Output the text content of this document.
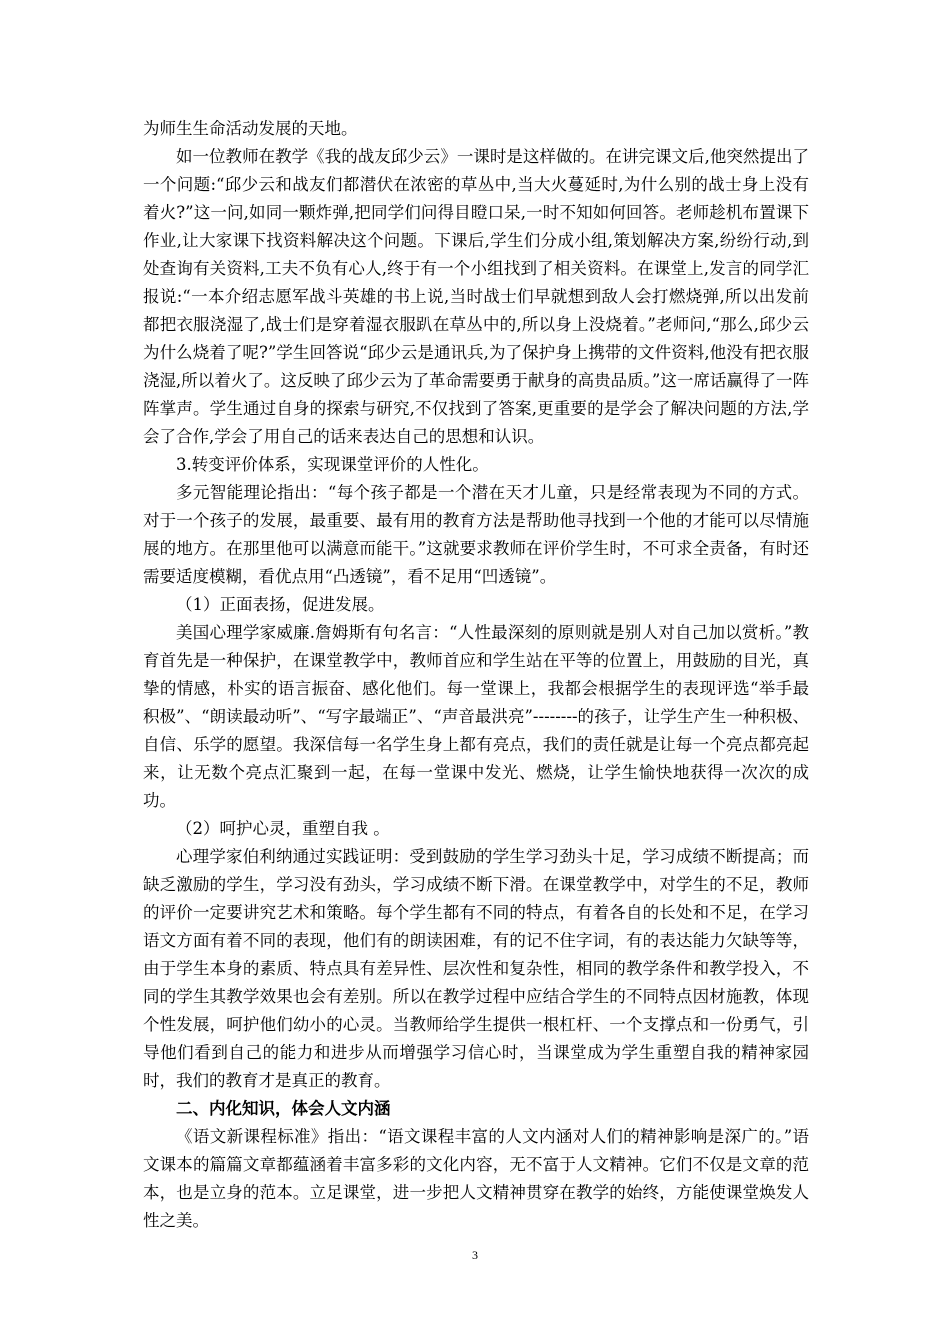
为师生生命活动发展的天地。

如一位教师在教学《我的战友邱少云》一课时是这样做的。在讲完课文后,他突然提出了一个问题:“邱少云和战友们都潜伏在浓密的草丛中,当大火蔓延时,为什么别的战士身上没有着火?”这一问,如同一颗炸弹,把同学们问得目瞪口呆,一时不知如何回答。老师趁机布置课下作业,让大家课下找资料解决这个问题。下课后,学生们分成小组,策划解决方案,纷纷行动,到处查询有关资料,工夫不负有心人,终于有一个小组找到了相关资料。在课堂上,发言的同学汇报说:“一本介绍志愿军战斗英雄的书上说,当时战士们早就想到敌人会打燃烧弹,所以出发前都把衣服浇湿了,战士们是穿着湿衣服趴在草丛中的,所以身上没烧着。”老师问,“那么,邱少云为什么烧着了呢?”学生回答说“邱少云是通讯兵,为了保护身上携带的文件资料,他没有把衣服浇湿,所以着火了。这反映了邱少云为了革命需要勇于献身的高贵品质。”这一席话赢得了一阵阵掌声。学生通过自身的探索与研究,不仅找到了答案,更重要的是学会了解决问题的方法,学会了合作,学会了用自己的话来表达自己的思想和认识。

3.转变评价体系，实现课堂评价的人性化。

多元智能理论指出：“每个孩子都是一个潜在天才儿童，只是经常表现为不同的方式。对于一个孩子的发展，最重要、最有用的教育方法是帮助他寻找到一个他的才能可以尽情施展的地方。在那里他可以满意而能干。”这就要求教师在评价学生时，不可求全责备，有时还需要适度模糊，看优点用“凸透镜”，看不足用“凹透镜”。

（1）正面表扬，促进发展。

美国心理学家威廉.詹姆斯有句名言：“人性最深刻的原则就是别人对自己加以赏析。”教育首先是一种保护，在课堂教学中，教师首应和学生站在平等的位置上，用鼓励的目光，真挚的情感，朴实的语言振奋、感化他们。每一堂课上，我都会根据学生的表现评选“举手最积极”、“朗读最动听”、“写字最端正”、“声音最洪亮”--------的孩子，让学生产生一种积极、自信、乐学的愿望。我深信每一名学生身上都有亮点，我们的责任就是让每一个亮点都亮起来，让无数个亮点汇聚到一起，在每一堂课中发光、燃烧，让学生愉快地获得一次次的成功。

（2）呵护心灵，重塑自我 。

心理学家伯利纳通过实践证明：受到鼓励的学生学习劲头十足，学习成绩不断提高；而缺乏激励的学生，学习没有劲头，学习成绩不断下滑。在课堂教学中，对学生的不足，教师的评价一定要讲究艺术和策略。每个学生都有不同的特点，有着各自的长处和不足，在学习语文方面有着不同的表现，他们有的朗读困难，有的记不住字词，有的表达能力欠缺等等，由于学生本身的素质、特点具有差异性、层次性和复杂性，相同的教学条件和教学投入，不同的学生其教学效果也会有差别。所以在教学过程中应结合学生的不同特点因材施教，体现个性发展，呵护他们幼小的心灵。当教师给学生提供一根杠杆、一个支撑点和一份勇气，引导他们看到自己的能力和进步从而增强学习信心时，当课堂成为学生重塑自我的精神家园时，我们的教育才是真正的教育。

二、内化知识，体会人文内涵

《语文新课程标准》指出：“语文课程丰富的人文内涵对人们的精神影响是深广的。”语文课本的篇篇文章都蕴涵着丰富多彩的文化内容，无不富于人文精神。它们不仅是文章的范本，也是立身的范本。立足课堂，进一步把人文精神贯穿在教学的始终，方能使课堂焕发人性之美。

3
